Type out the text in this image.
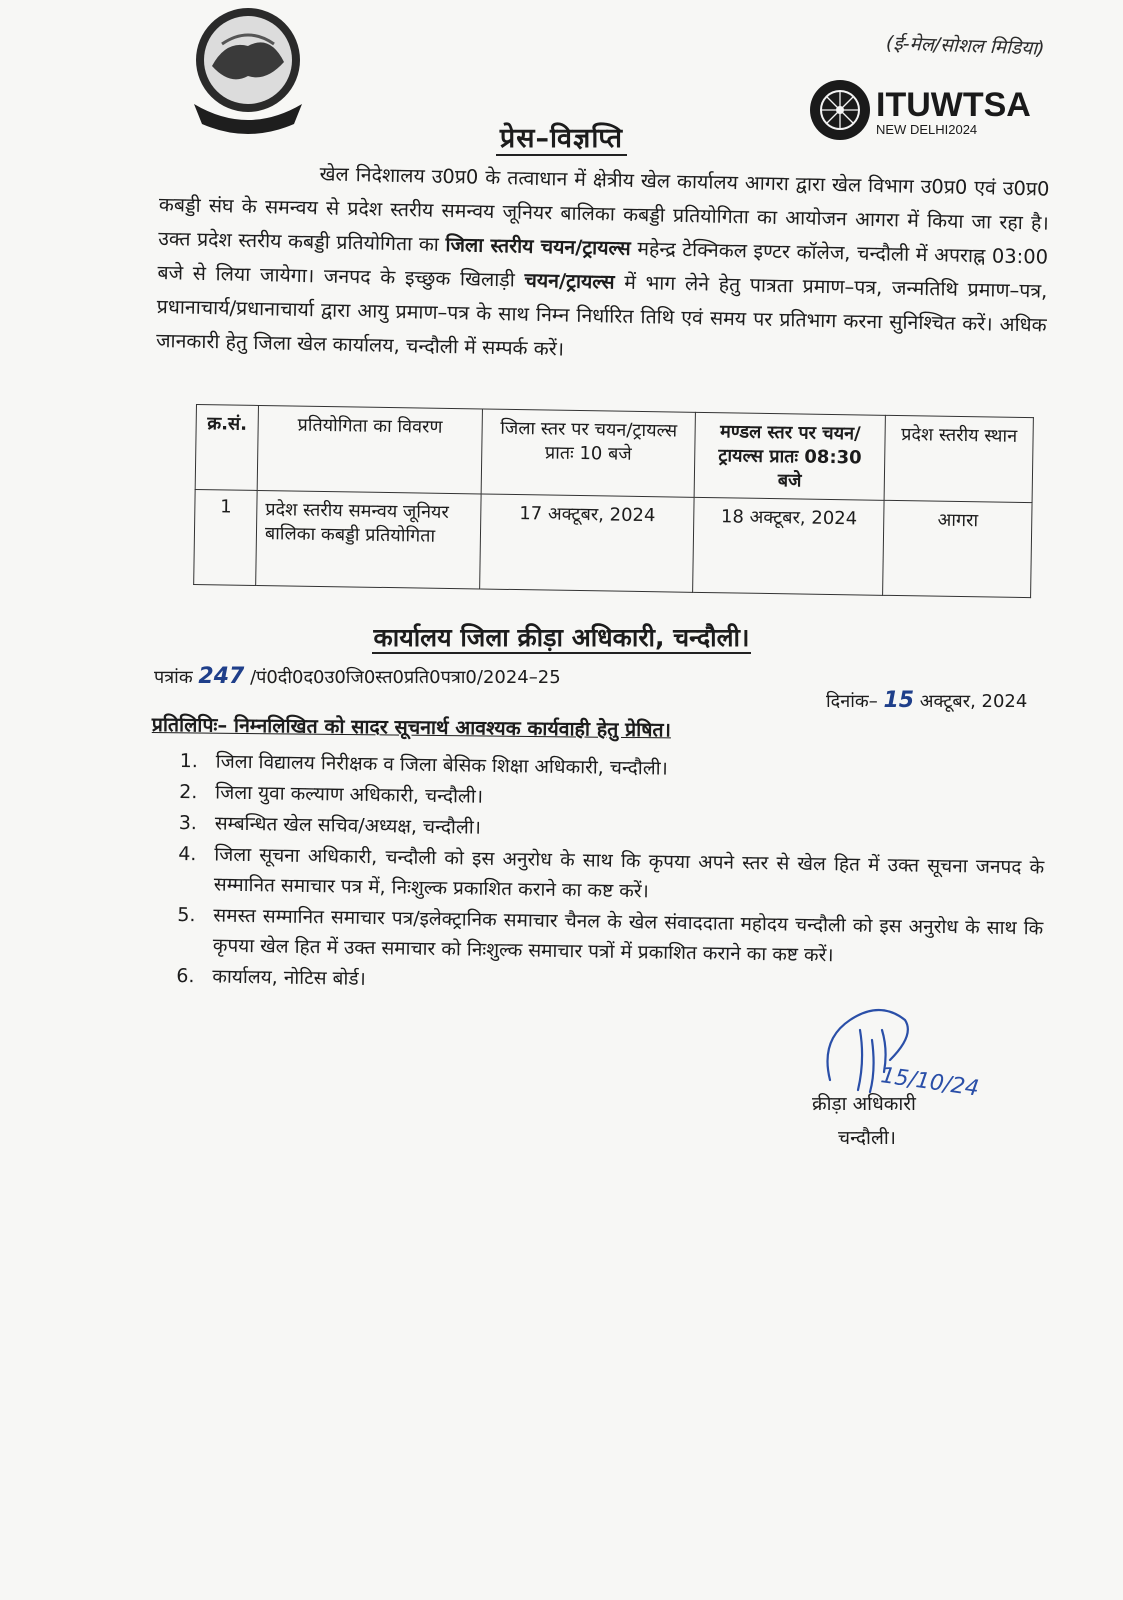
(ई-मेल/सोशल मिडिया)
ITUWTSA
NEW DELHI2024
प्रेस–विज्ञप्ति
खेल निदेशालय उ0प्र0 के तत्वाधान में क्षेत्रीय खेल कार्यालय आगरा द्वारा खेल विभाग उ0प्र0 एवं उ0प्र0 कबड्डी संघ के समन्वय से प्रदेश स्तरीय समन्वय जूनियर बालिका कबड्डी प्रतियोगिता का आयोजन आगरा में किया जा रहा है। उक्त प्रदेश स्तरीय कबड्डी प्रतियोगिता का जिला स्तरीय चयन/ट्रायल्स महेन्द्र टेक्निकल इण्टर कॉलेज, चन्दौली में अपराह्न 03:00 बजे से लिया जायेगा। जनपद के इच्छुक खिलाड़ी चयन/ट्रायल्स में भाग लेने हेतु पात्रता प्रमाण–पत्र, जन्मतिथि प्रमाण–पत्र, प्रधानाचार्य/प्रधानाचार्या द्वारा आयु प्रमाण–पत्र के साथ निम्न निर्धारित तिथि एवं समय पर प्रतिभाग करना सुनिश्चित करें। अधिक जानकारी हेतु जिला खेल कार्यालय, चन्दौली में सम्पर्क करें।
क्र.सं.	प्रतियोगिता का विवरण	जिला स्तर पर चयन/ट्रायल्स प्रातः 10 बजे	मण्डल स्तर पर चयन/ट्रायल्स प्रातः 08:30 बजे	प्रदेश स्तरीय स्थान
1	प्रदेश स्तरीय समन्वय जूनियर बालिका कबड्डी प्रतियोगिता	17 अक्टूबर, 2024	18 अक्टूबर, 2024	आगरा
कार्यालय जिला क्रीड़ा अधिकारी, चन्दौली।
पत्रांक 247 /पं0दी0द0उ0जि0स्त0प्रति0पत्रा0/2024–25
दिनांक– 15 अक्टूबर, 2024
प्रतिलिपिः– निम्नलिखित को सादर सूचनार्थ आवश्यक कार्यवाही हेतु प्रेषित।
1. जिला विद्यालय निरीक्षक व जिला बेसिक शिक्षा अधिकारी, चन्दौली।
2. जिला युवा कल्याण अधिकारी, चन्दौली।
3. सम्बन्धित खेल सचिव/अध्यक्ष, चन्दौली।
4. जिला सूचना अधिकारी, चन्दौली को इस अनुरोध के साथ कि कृपया अपने स्तर से खेल हित में उक्त सूचना जनपद के सम्मानित समाचार पत्र में, निःशुल्क प्रकाशित कराने का कष्ट करें।
5. समस्त सम्मानित समाचार पत्र/इलेक्ट्रानिक समाचार चैनल के खेल संवाददाता महोदय चन्दौली को इस अनुरोध के साथ कि कृपया खेल हित में उक्त समाचार को निःशुल्क समाचार पत्रों में प्रकाशित कराने का कष्ट करें।
6. कार्यालय, नोटिस बोर्ड।
15/10/24
क्रीड़ा अधिकारी
चन्दौली।
